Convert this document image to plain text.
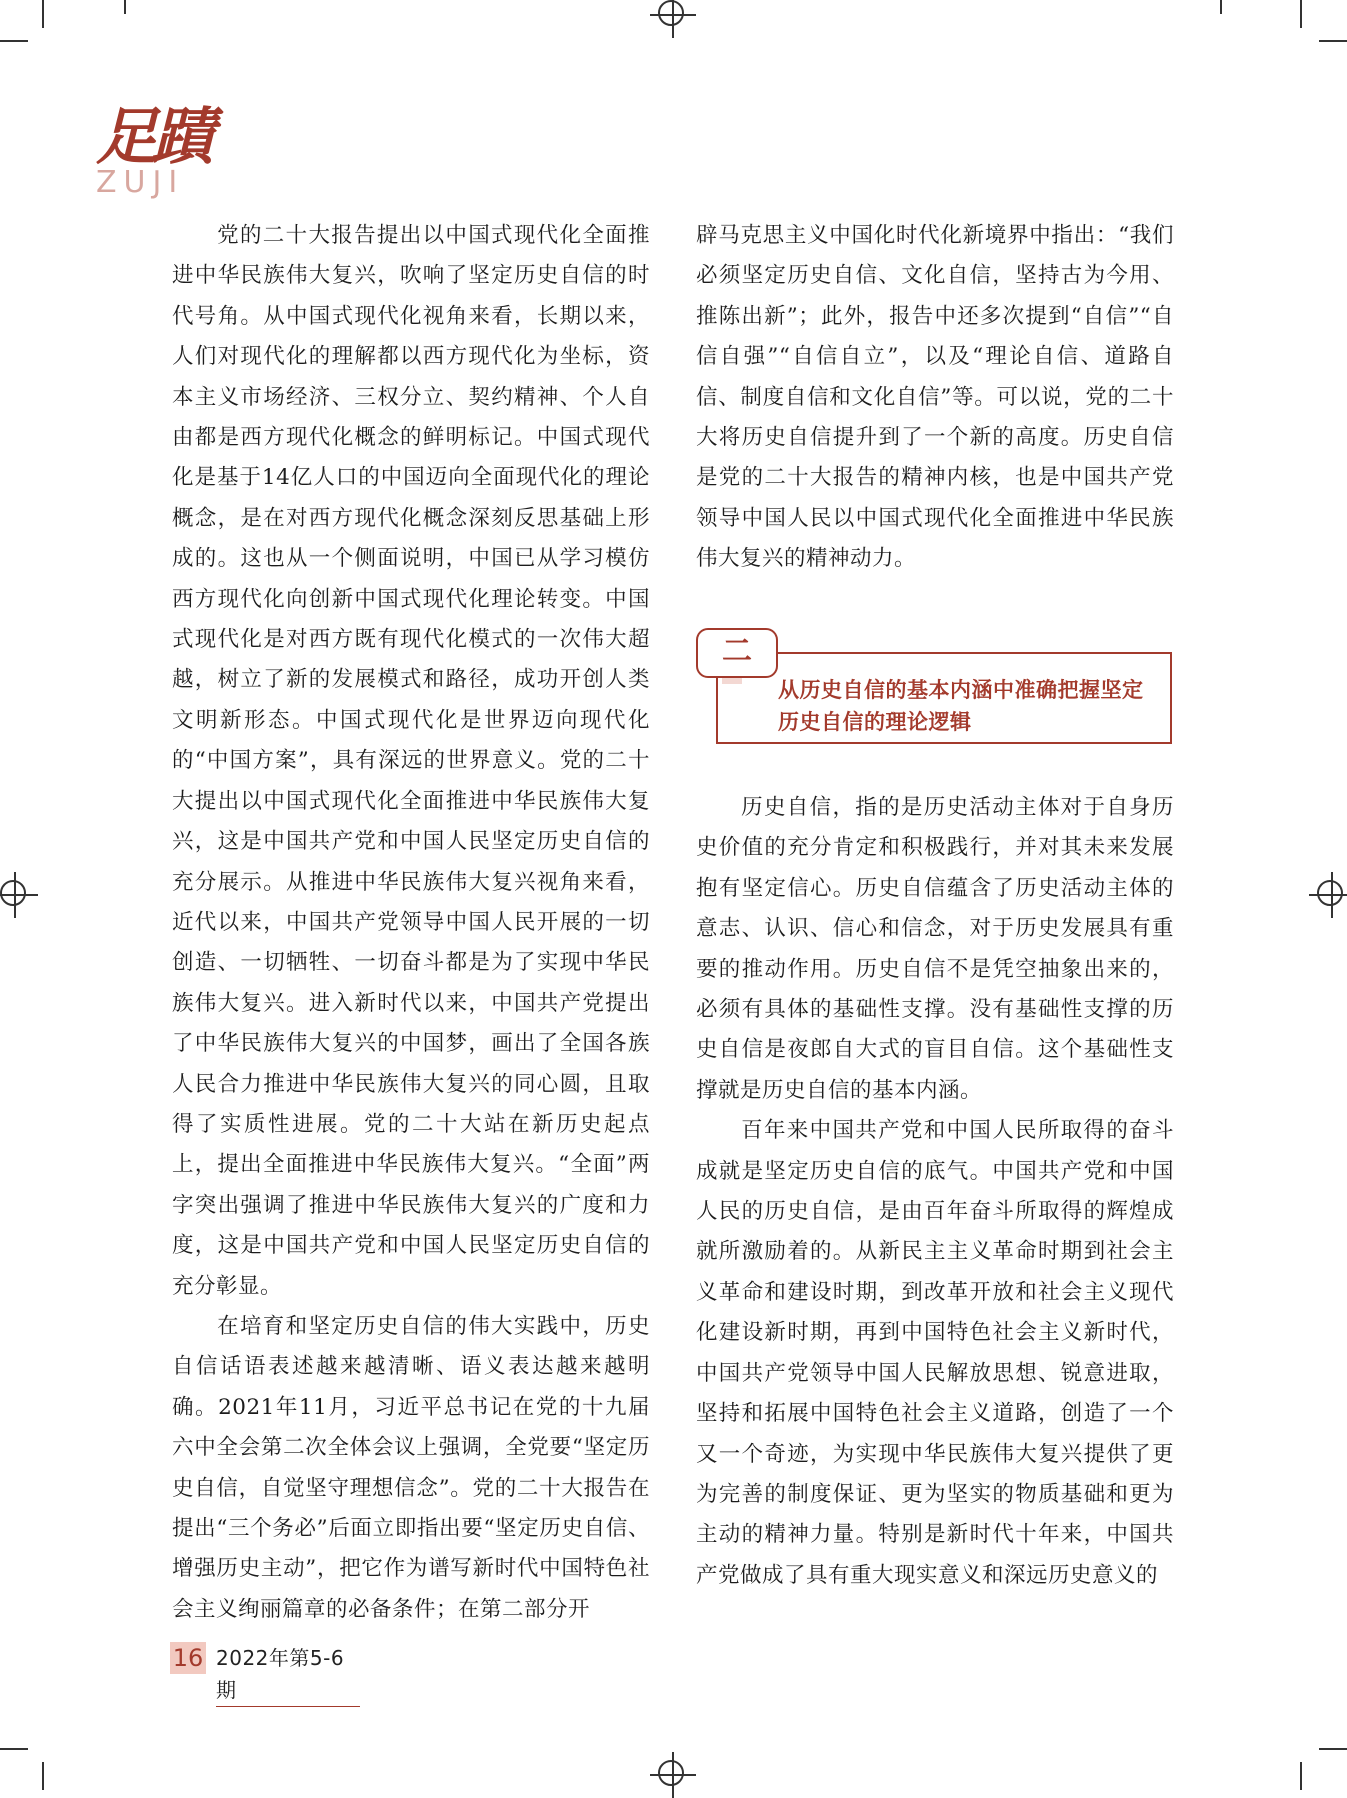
足蹟
ZUJI

党的二十大报告提出以中国式现代化全面推进中华民族伟大复兴，吹响了坚定历史自信的时代号角。从中国式现代化视角来看，长期以来，人们对现代化的理解都以西方现代化为坐标，资本主义市场经济、三权分立、契约精神、个人自由都是西方现代化概念的鲜明标记。中国式现代化是基于14亿人口的中国迈向全面现代化的理论概念，是在对西方现代化概念深刻反思基础上形成的。这也从一个侧面说明，中国已从学习模仿西方现代化向创新中国式现代化理论转变。中国式现代化是对西方既有现代化模式的一次伟大超越，树立了新的发展模式和路径，成功开创人类文明新形态。中国式现代化是世界迈向现代化的“中国方案”，具有深远的世界意义。党的二十大提出以中国式现代化全面推进中华民族伟大复兴，这是中国共产党和中国人民坚定历史自信的充分展示。从推进中华民族伟大复兴视角来看，近代以来，中国共产党领导中国人民开展的一切创造、一切牺牲、一切奋斗都是为了实现中华民族伟大复兴。进入新时代以来，中国共产党提出了中华民族伟大复兴的中国梦，画出了全国各族人民合力推进中华民族伟大复兴的同心圆，且取得了实质性进展。党的二十大站在新历史起点上，提出全面推进中华民族伟大复兴。“全面”两字突出强调了推进中华民族伟大复兴的广度和力度，这是中国共产党和中国人民坚定历史自信的充分彰显。

在培育和坚定历史自信的伟大实践中，历史自信话语表述越来越清晰、语义表达越来越明确。2021年11月，习近平总书记在党的十九届六中全会第二次全体会议上强调，全党要“坚定历史自信，自觉坚守理想信念”。党的二十大报告在提出“三个务必”后面立即指出要“坚定历史自信、增强历史主动”，把它作为谱写新时代中国特色社会主义绚丽篇章的必备条件；在第二部分开

辟马克思主义中国化时代化新境界中指出：“我们必须坚定历史自信、文化自信，坚持古为今用、推陈出新”；此外，报告中还多次提到“自信”“自信自强”“自信自立”，以及“理论自信、道路自信、制度自信和文化自信”等。可以说，党的二十大将历史自信提升到了一个新的高度。历史自信是党的二十大报告的精神内核，也是中国共产党领导中国人民以中国式现代化全面推进中华民族伟大复兴的精神动力。

二
从历史自信的基本内涵中准确把握坚定
历史自信的理论逻辑

历史自信，指的是历史活动主体对于自身历史价值的充分肯定和积极践行，并对其未来发展抱有坚定信心。历史自信蕴含了历史活动主体的意志、认识、信心和信念，对于历史发展具有重要的推动作用。历史自信不是凭空抽象出来的，必须有具体的基础性支撑。没有基础性支撑的历史自信是夜郎自大式的盲目自信。这个基础性支撑就是历史自信的基本内涵。

百年来中国共产党和中国人民所取得的奋斗成就是坚定历史自信的底气。中国共产党和中国人民的历史自信，是由百年奋斗所取得的辉煌成就所激励着的。从新民主主义革命时期到社会主义革命和建设时期，到改革开放和社会主义现代化建设新时期，再到中国特色社会主义新时代，中国共产党领导中国人民解放思想、锐意进取，坚持和拓展中国特色社会主义道路，创造了一个又一个奇迹，为实现中华民族伟大复兴提供了更为完善的制度保证、更为坚实的物质基础和更为主动的精神力量。特别是新时代十年来，中国共产党做成了具有重大现实意义和深远历史意义的

16 2022年第5-6期
